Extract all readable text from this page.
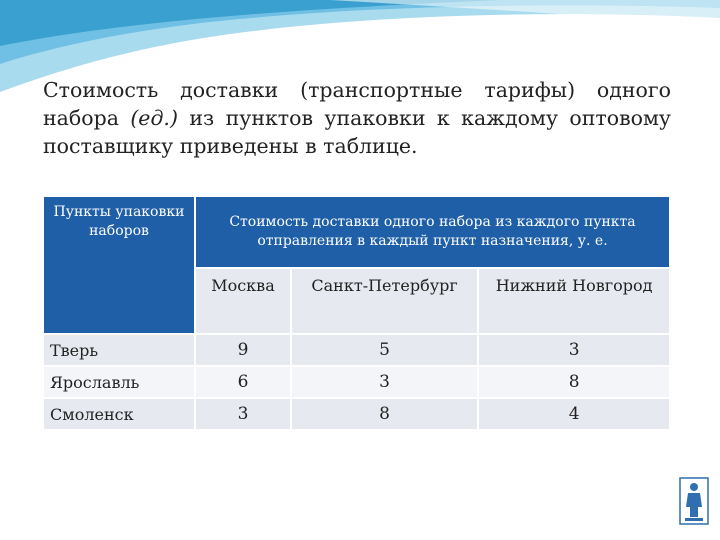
Стоимость доставки (транспортные тарифы) одного набора (ед.) из пунктов упаковки к каждому оптовому поставщику приведены в таблице.
Пункты упаковки наборов	Стоимость доставки одного набора из каждого пункта отправления в каждый пункт назначения, у. е.		
	Москва	Санкт-Петербург	Нижний Новгород
Тверь	9	5	3
Ярославль	6	3	8
Смоленск	3	8	4
